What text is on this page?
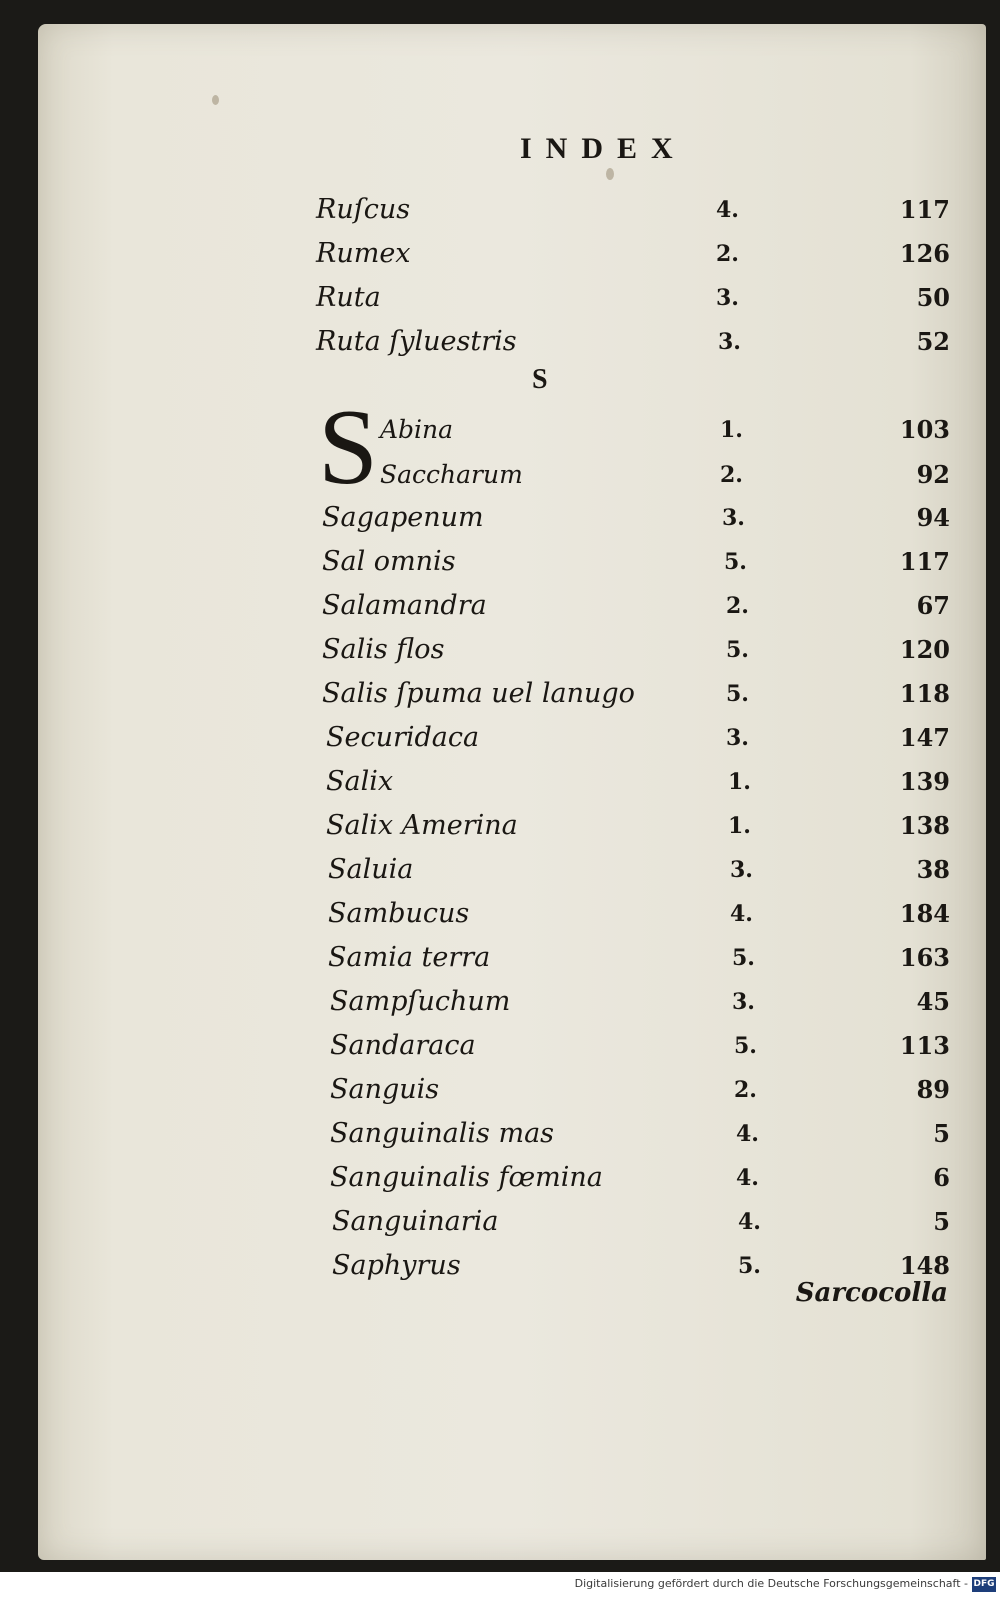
INDEX
S
S
Ruſcus	4.	117
Rumex	2.	126
Ruta	3.	50
Ruta ſyluestris	3.	52
Abina	1.	103
Saccharum	2.	92
Sagapenum	3.	94
Sal omnis	5.	117
Salamandra	2.	67
Salis flos	5.	120
Salis ſpuma uel lanugo	5.	118
Securidaca	3.	147
Salix	1.	139
Salix Amerina	1.	138
Saluia	3.	38
Sambucus	4.	184
Samia terra	5.	163
Sampſuchum	3.	45
Sandaraca	5.	113
Sanguis	2.	89
Sanguinalis mas	4.	5
Sanguinalis fœmina	4.	6
Sanguinaria	4.	5
Saphyrus	5.	148
Sarcocolla
Digitalisierung gefördert durch die Deutsche Forschungsgemeinschaft - DFG
